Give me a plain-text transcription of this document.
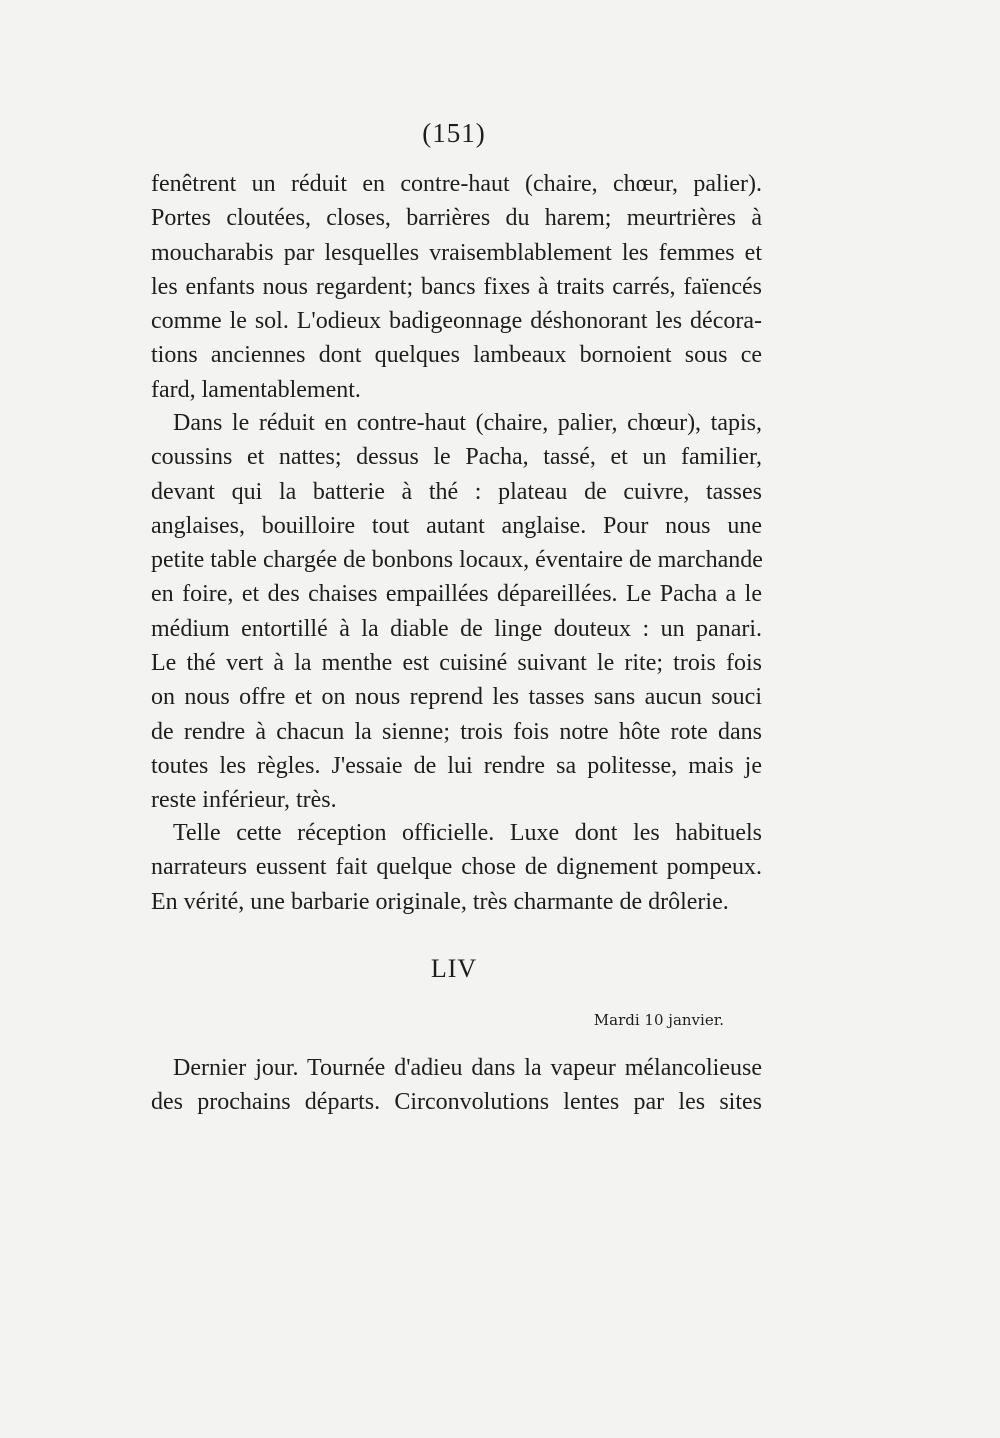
(151)
fenêtrent un réduit en contre-haut (chaire, chœur, palier).
Portes cloutées, closes, barrières du harem; meurtrières à
moucharabis par lesquelles vraisemblablement les femmes et
les enfants nous regardent; bancs fixes à traits carrés, faïencés
comme le sol. L'odieux badigeonnage déshonorant les décora-
tions anciennes dont quelques lambeaux bornoient sous ce
fard, lamentablement.
Dans le réduit en contre-haut (chaire, palier, chœur), tapis,
coussins et nattes; dessus le Pacha, tassé, et un familier,
devant qui la batterie à thé : plateau de cuivre, tasses
anglaises, bouilloire tout autant anglaise. Pour nous une
petite table chargée de bonbons locaux, éventaire de marchande
en foire, et des chaises empaillées dépareillées. Le Pacha a le
médium entortillé à la diable de linge douteux : un panari.
Le thé vert à la menthe est cuisiné suivant le rite; trois fois
on nous offre et on nous reprend les tasses sans aucun souci
de rendre à chacun la sienne; trois fois notre hôte rote dans
toutes les règles. J'essaie de lui rendre sa politesse, mais je
reste inférieur, très.
Telle cette réception officielle. Luxe dont les habituels
narrateurs eussent fait quelque chose de dignement pompeux.
En vérité, une barbarie originale, très charmante de drôlerie.
LIV
Mardi 10 janvier.
Dernier jour. Tournée d'adieu dans la vapeur mélancolieuse
des prochains départs. Circonvolutions lentes par les sites
